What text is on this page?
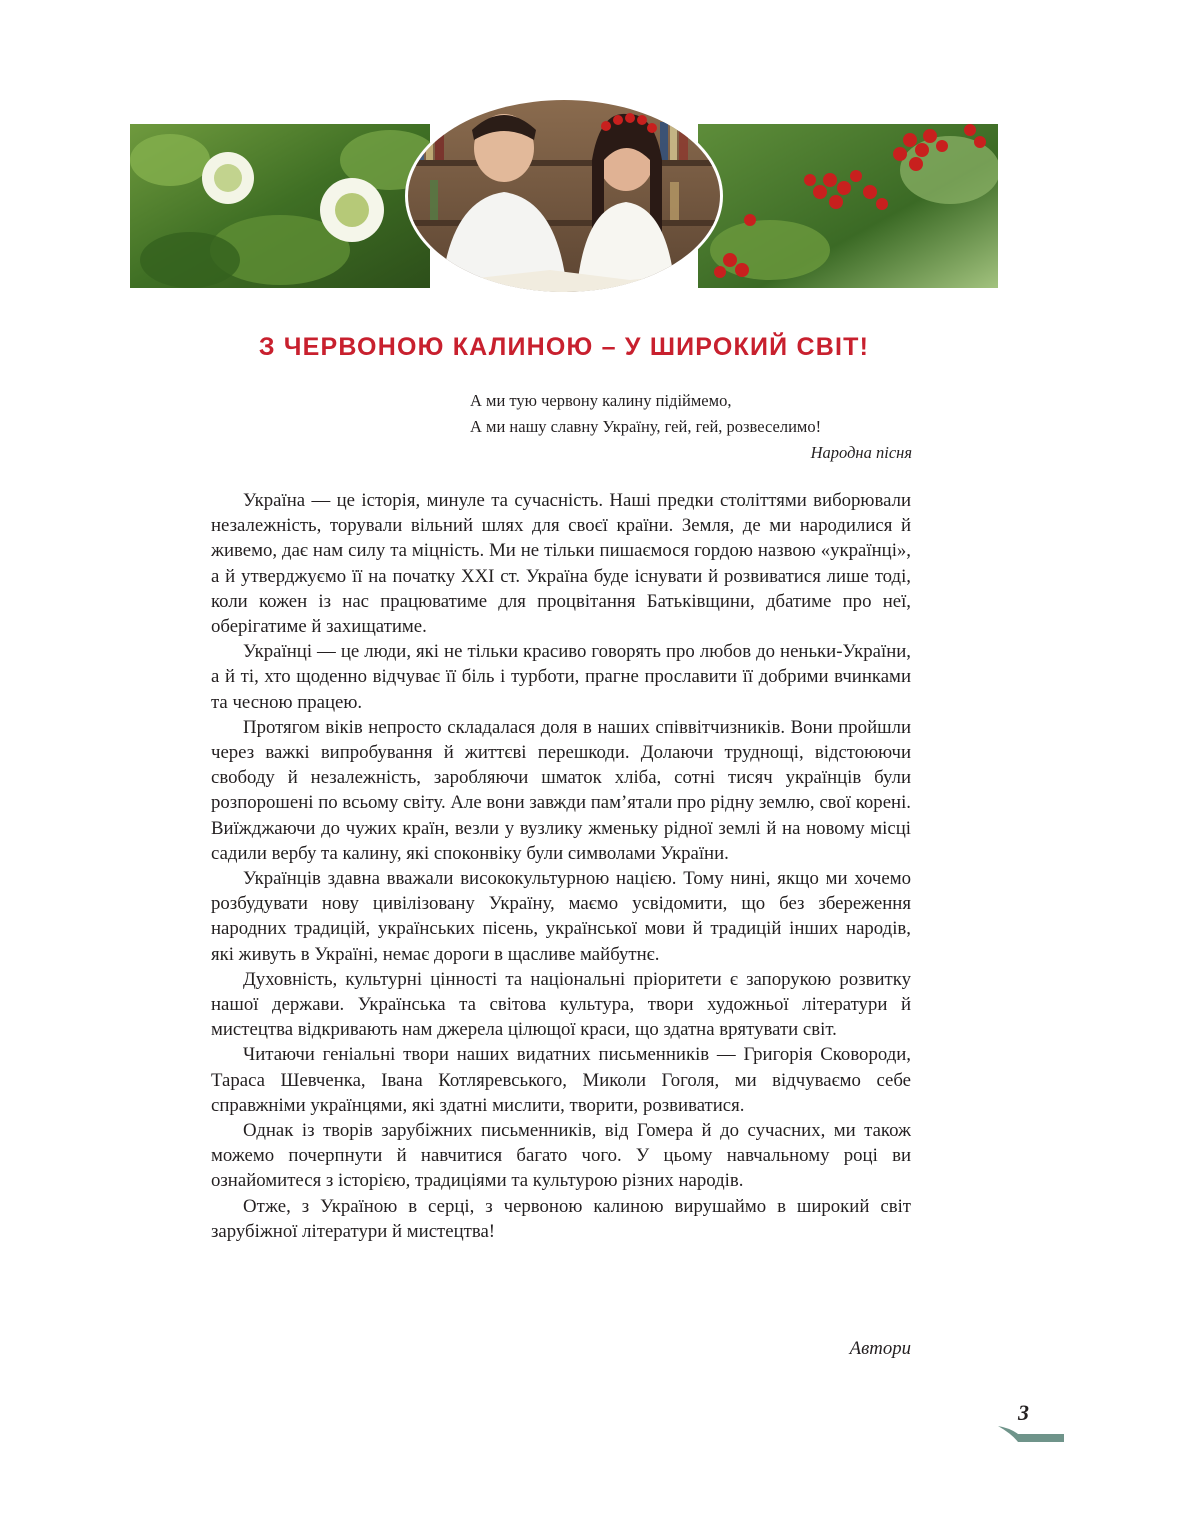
З ЧЕРВОНОЮ КАЛИНОЮ – У ШИРОКИЙ СВІТ!
А ми тую червону калину підіймемо,
А ми нашу славну Україну, гей, гей, розвеселимо!
Народна пісня

Україна — це історія, минуле та сучасність. Наші предки століттями виборювали незалежність, торували вільний шлях для своєї країни. Земля, де ми народилися й живемо, дає нам силу та міцність. Ми не тільки пишаємося гордою назвою «українці», а й утверджуємо її на початку XXI ст. Україна буде існувати й розвиватися лише тоді, коли кожен із нас працюватиме для процвітання Батьківщини, дбатиме про неї, оберігатиме й захищатиме.

Українці — це люди, які не тільки красиво говорять про любов до неньки-України, а й ті, хто щоденно відчуває її біль і турботи, прагне прославити її добрими вчинками та чесною працею.

Протягом віків непросто складалася доля в наших співвітчизників. Вони пройшли через важкі випробування й життєві перешкоди. Долаючи труднощі, відстоюючи свободу й незалежність, заробляючи шматок хліба, сотні тисяч українців були розпорошені по всьому світу. Але вони завжди пам’ятали про рідну землю, свої корені. Виїжджаючи до чужих країн, везли у вузлику жменьку рідної землі й на новому місці садили вербу та калину, які споконвіку були символами України.

Українців здавна вважали висококультурною нацією. Тому нині, якщо ми хочемо розбудувати нову цивілізовану Україну, маємо усвідомити, що без збереження народних традицій, українських пісень, української мови й традицій інших народів, які живуть в Україні, немає дороги в щасливе майбутнє.

Духовність, культурні цінності та національні пріоритети є запорукою розвитку нашої держави. Українська та світова культура, твори художньої літератури й мистецтва відкривають нам джерела цілющої краси, що здатна врятувати світ.

Читаючи геніальні твори наших видатних письменників — Григорія Сковороди, Тараса Шевченка, Івана Котляревського, Миколи Гоголя, ми відчуваємо себе справжніми українцями, які здатні мислити, творити, розвиватися.

Однак із творів зарубіжних письменників, від Гомера й до сучасних, ми також можемо почерпнути й навчитися багато чого. У цьому навчальному році ви ознайомитеся з історією, традиціями та культурою різних народів.

Отже, з Україною в серці, з червоною калиною вирушаймо в широкий світ зарубіжної літератури й мистецтва!

Автори
3
